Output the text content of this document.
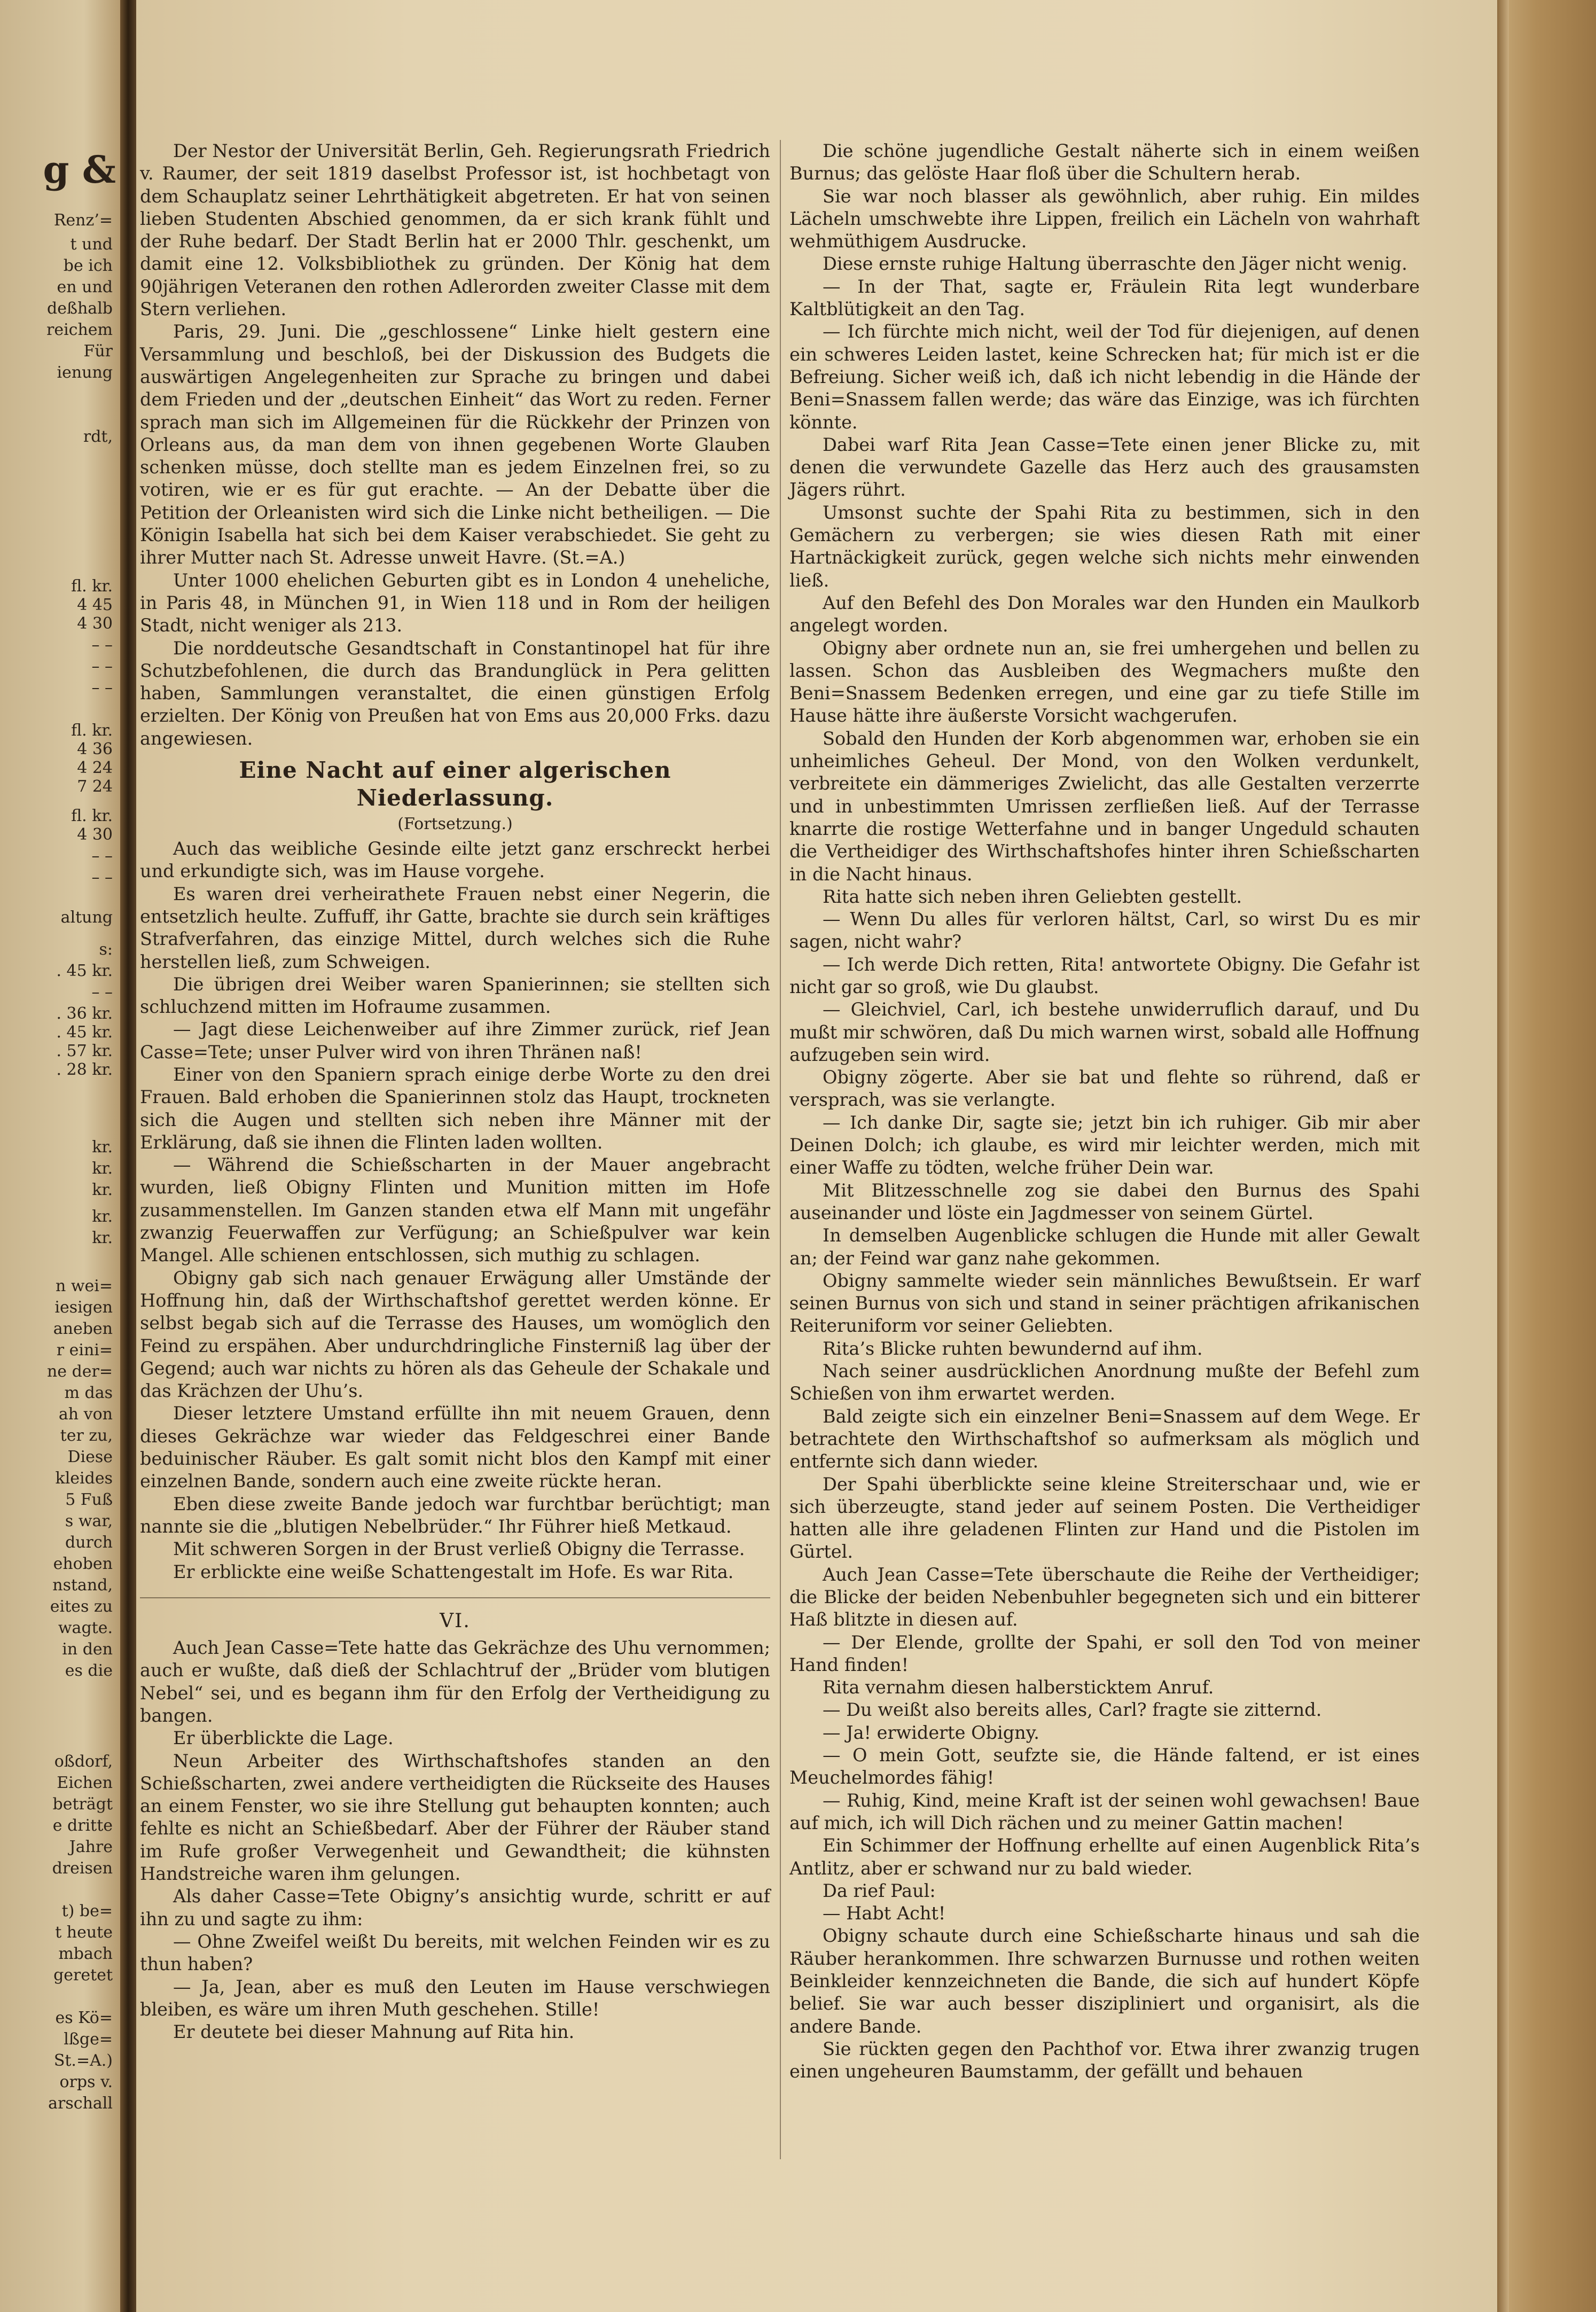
g &
Renz’=
t und
be ich
en und
deßhalb
reichem
Für
ienung
rdt,
fl. kr.
4 45
4 30
– –
– –
– –
fl. kr.
4 36
4 24
7 24
fl. kr.
4 30
– –
– –
altung
s:
. 45 kr.
– –
. 36 kr.
. 45 kr.
. 57 kr.
. 28 kr.
kr.
kr.
kr.
kr.
kr.
n wei=
iesigen
aneben
r eini=
ne der=
m das
ah von
ter zu,
Diese
kleides
5 Fuß
s war,
durch
ehoben
nstand,
eites zu
wagte.
in den
es die
oßdorf,
Eichen
beträgt
e dritte
Jahre
dreisen
t) be=
t heute
mbach
geretet
es Kö=
lßge=
St.=A.)
orps v.
arschall

Der Nestor der Universität Berlin, Geh. Regierungsrath Friedrich v. Raumer, der seit 1819 daselbst Professor ist, ist hochbetagt von dem Schauplatz seiner Lehrthätigkeit abgetreten. Er hat von seinen lieben Studenten Abschied genommen, da er sich krank fühlt und der Ruhe bedarf. Der Stadt Berlin hat er 2000 Thlr. geschenkt, um damit eine 12. Volksbibliothek zu gründen. Der König hat dem 90jährigen Veteranen den rothen Adlerorden zweiter Classe mit dem Stern verliehen.

Paris, 29. Juni. Die „geschlossene“ Linke hielt gestern eine Versammlung und beschloß, bei der Diskussion des Budgets die auswärtigen Angelegenheiten zur Sprache zu bringen und dabei dem Frieden und der „deutschen Einheit“ das Wort zu reden. Ferner sprach man sich im Allgemeinen für die Rückkehr der Prinzen von Orleans aus, da man dem von ihnen gegebenen Worte Glauben schenken müsse, doch stellte man es jedem Einzelnen frei, so zu votiren, wie er es für gut erachte. — An der Debatte über die Petition der Orleanisten wird sich die Linke nicht betheiligen. — Die Königin Isabella hat sich bei dem Kaiser verabschiedet. Sie geht zu ihrer Mutter nach St. Adresse unweit Havre. (St.=A.)

Unter 1000 ehelichen Geburten gibt es in London 4 uneheliche, in Paris 48, in München 91, in Wien 118 und in Rom der heiligen Stadt, nicht weniger als 213.

Die norddeutsche Gesandtschaft in Constantinopel hat für ihre Schutzbefohlenen, die durch das Brandunglück in Pera gelitten haben, Sammlungen veranstaltet, die einen günstigen Erfolg erzielten. Der König von Preußen hat von Ems aus 20,000 Frks. dazu angewiesen.

Eine Nacht auf einer algerischen Niederlassung.
(Fortsetzung.)

Auch das weibliche Gesinde eilte jetzt ganz erschreckt herbei und erkundigte sich, was im Hause vorgehe.

Es waren drei verheirathete Frauen nebst einer Negerin, die entsetzlich heulte. Zuffuff, ihr Gatte, brachte sie durch sein kräftiges Strafverfahren, das einzige Mittel, durch welches sich die Ruhe herstellen ließ, zum Schweigen.

Die übrigen drei Weiber waren Spanierinnen; sie stellten sich schluchzend mitten im Hofraume zusammen.

— Jagt diese Leichenweiber auf ihre Zimmer zurück, rief Jean Casse=Tete; unser Pulver wird von ihren Thränen naß!

Einer von den Spaniern sprach einige derbe Worte zu den drei Frauen. Bald erhoben die Spanierinnen stolz das Haupt, trockneten sich die Augen und stellten sich neben ihre Männer mit der Erklärung, daß sie ihnen die Flinten laden wollten.

— Während die Schießscharten in der Mauer angebracht wurden, ließ Obigny Flinten und Munition mitten im Hofe zusammenstellen. Im Ganzen standen etwa elf Mann mit ungefähr zwanzig Feuerwaffen zur Verfügung; an Schießpulver war kein Mangel. Alle schienen entschlossen, sich muthig zu schlagen.

Obigny gab sich nach genauer Erwägung aller Umstände der Hoffnung hin, daß der Wirthschaftshof gerettet werden könne. Er selbst begab sich auf die Terrasse des Hauses, um womöglich den Feind zu erspähen. Aber undurchdringliche Finsterniß lag über der Gegend; auch war nichts zu hören als das Geheule der Schakale und das Krächzen der Uhu’s.

Dieser letztere Umstand erfüllte ihn mit neuem Grauen, denn dieses Gekrächze war wieder das Feldgeschrei einer Bande beduinischer Räuber. Es galt somit nicht blos den Kampf mit einer einzelnen Bande, sondern auch eine zweite rückte heran.

Eben diese zweite Bande jedoch war furchtbar berüchtigt; man nannte sie die „blutigen Nebelbrüder.“ Ihr Führer hieß Metkaud.

Mit schweren Sorgen in der Brust verließ Obigny die Terrasse.

Er erblickte eine weiße Schattengestalt im Hofe. Es war Rita.

VI.

Auch Jean Casse=Tete hatte das Gekrächze des Uhu vernommen; auch er wußte, daß dieß der Schlachtruf der „Brüder vom blutigen Nebel“ sei, und es begann ihm für den Erfolg der Vertheidigung zu bangen.

Er überblickte die Lage.

Neun Arbeiter des Wirthschaftshofes standen an den Schießscharten, zwei andere vertheidigten die Rückseite des Hauses an einem Fenster, wo sie ihre Stellung gut behaupten konnten; auch fehlte es nicht an Schießbedarf. Aber der Führer der Räuber stand im Rufe großer Verwegenheit und Gewandtheit; die kühnsten Handstreiche waren ihm gelungen.

Als daher Casse=Tete Obigny’s ansichtig wurde, schritt er auf ihn zu und sagte zu ihm:

— Ohne Zweifel weißt Du bereits, mit welchen Feinden wir es zu thun haben?

— Ja, Jean, aber es muß den Leuten im Hause verschwiegen bleiben, es wäre um ihren Muth geschehen. Stille!

Er deutete bei dieser Mahnung auf Rita hin.

Die schöne jugendliche Gestalt näherte sich in einem weißen Burnus; das gelöste Haar floß über die Schultern herab.

Sie war noch blasser als gewöhnlich, aber ruhig. Ein mildes Lächeln umschwebte ihre Lippen, freilich ein Lächeln von wahrhaft wehmüthigem Ausdrucke.

Diese ernste ruhige Haltung überraschte den Jäger nicht wenig.

— In der That, sagte er, Fräulein Rita legt wunderbare Kaltblütigkeit an den Tag.

— Ich fürchte mich nicht, weil der Tod für diejenigen, auf denen ein schweres Leiden lastet, keine Schrecken hat; für mich ist er die Befreiung. Sicher weiß ich, daß ich nicht lebendig in die Hände der Beni=Snassem fallen werde; das wäre das Einzige, was ich fürchten könnte.

Dabei warf Rita Jean Casse=Tete einen jener Blicke zu, mit denen die verwundete Gazelle das Herz auch des grausamsten Jägers rührt.

Umsonst suchte der Spahi Rita zu bestimmen, sich in den Gemächern zu verbergen; sie wies diesen Rath mit einer Hartnäckigkeit zurück, gegen welche sich nichts mehr einwenden ließ.

Auf den Befehl des Don Morales war den Hunden ein Maulkorb angelegt worden.

Obigny aber ordnete nun an, sie frei umhergehen und bellen zu lassen. Schon das Ausbleiben des Wegmachers mußte den Beni=Snassem Bedenken erregen, und eine gar zu tiefe Stille im Hause hätte ihre äußerste Vorsicht wachgerufen.

Sobald den Hunden der Korb abgenommen war, erhoben sie ein unheimliches Geheul. Der Mond, von den Wolken verdunkelt, verbreitete ein dämmeriges Zwielicht, das alle Gestalten verzerrte und in unbestimmten Umrissen zerfließen ließ. Auf der Terrasse knarrte die rostige Wetterfahne und in banger Ungeduld schauten die Vertheidiger des Wirthschaftshofes hinter ihren Schießscharten in die Nacht hinaus.

Rita hatte sich neben ihren Geliebten gestellt.

— Wenn Du alles für verloren hältst, Carl, so wirst Du es mir sagen, nicht wahr?

— Ich werde Dich retten, Rita! antwortete Obigny. Die Gefahr ist nicht gar so groß, wie Du glaubst.

— Gleichviel, Carl, ich bestehe unwiderruflich darauf, und Du mußt mir schwören, daß Du mich warnen wirst, sobald alle Hoffnung aufzugeben sein wird.

Obigny zögerte. Aber sie bat und flehte so rührend, daß er versprach, was sie verlangte.

— Ich danke Dir, sagte sie; jetzt bin ich ruhiger. Gib mir aber Deinen Dolch; ich glaube, es wird mir leichter werden, mich mit einer Waffe zu tödten, welche früher Dein war.

Mit Blitzesschnelle zog sie dabei den Burnus des Spahi auseinander und löste ein Jagdmesser von seinem Gürtel.

In demselben Augenblicke schlugen die Hunde mit aller Gewalt an; der Feind war ganz nahe gekommen.

Obigny sammelte wieder sein männliches Bewußtsein. Er warf seinen Burnus von sich und stand in seiner prächtigen afrikanischen Reiteruniform vor seiner Geliebten.

Rita’s Blicke ruhten bewundernd auf ihm.

Nach seiner ausdrücklichen Anordnung mußte der Befehl zum Schießen von ihm erwartet werden.

Bald zeigte sich ein einzelner Beni=Snassem auf dem Wege. Er betrachtete den Wirthschaftshof so aufmerksam als möglich und entfernte sich dann wieder.

Der Spahi überblickte seine kleine Streiterschaar und, wie er sich überzeugte, stand jeder auf seinem Posten. Die Vertheidiger hatten alle ihre geladenen Flinten zur Hand und die Pistolen im Gürtel.

Auch Jean Casse=Tete überschaute die Reihe der Vertheidiger; die Blicke der beiden Nebenbuhler begegneten sich und ein bitterer Haß blitzte in diesen auf.

— Der Elende, grollte der Spahi, er soll den Tod von meiner Hand finden!

Rita vernahm diesen halbersticktem Anruf.

— Du weißt also bereits alles, Carl? fragte sie zitternd.

— Ja! erwiderte Obigny.

— O mein Gott, seufzte sie, die Hände faltend, er ist eines Meuchelmordes fähig!

— Ruhig, Kind, meine Kraft ist der seinen wohl gewachsen! Baue auf mich, ich will Dich rächen und zu meiner Gattin machen!

Ein Schimmer der Hoffnung erhellte auf einen Augenblick Rita’s Antlitz, aber er schwand nur zu bald wieder.

Da rief Paul:

— Habt Acht!

Obigny schaute durch eine Schießscharte hinaus und sah die Räuber herankommen. Ihre schwarzen Burnusse und rothen weiten Beinkleider kennzeichneten die Bande, die sich auf hundert Köpfe belief. Sie war auch besser diszipliniert und organisirt, als die andere Bande.

Sie rückten gegen den Pachthof vor. Etwa ihrer zwanzig trugen einen ungeheuren Baumstamm, der gefällt und behauen
